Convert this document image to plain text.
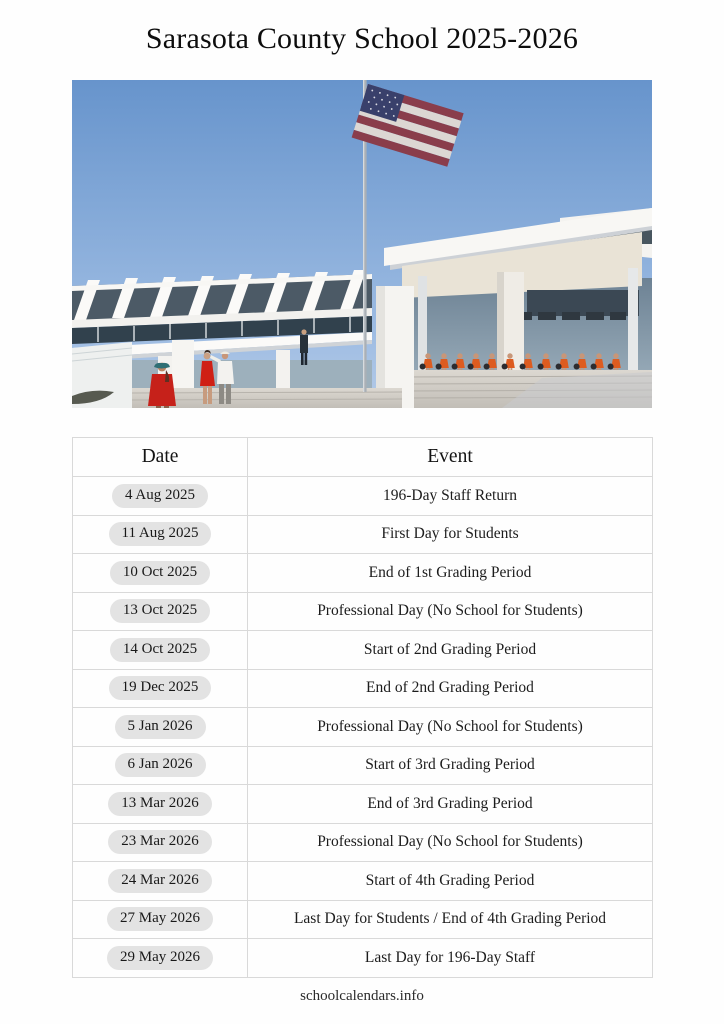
Sarasota County School 2025-2026
Date	Event
4 Aug 2025	196-Day Staff Return
11 Aug 2025	First Day for Students
10 Oct 2025	End of 1st Grading Period
13 Oct 2025	Professional Day (No School for Students)
14 Oct 2025	Start of 2nd Grading Period
19 Dec 2025	End of 2nd Grading Period
5 Jan 2026	Professional Day (No School for Students)
6 Jan 2026	Start of 3rd Grading Period
13 Mar 2026	End of 3rd Grading Period
23 Mar 2026	Professional Day (No School for Students)
24 Mar 2026	Start of 4th Grading Period
27 May 2026	Last Day for Students / End of 4th Grading Period
29 May 2026	Last Day for 196-Day Staff
schoolcalendars.info
